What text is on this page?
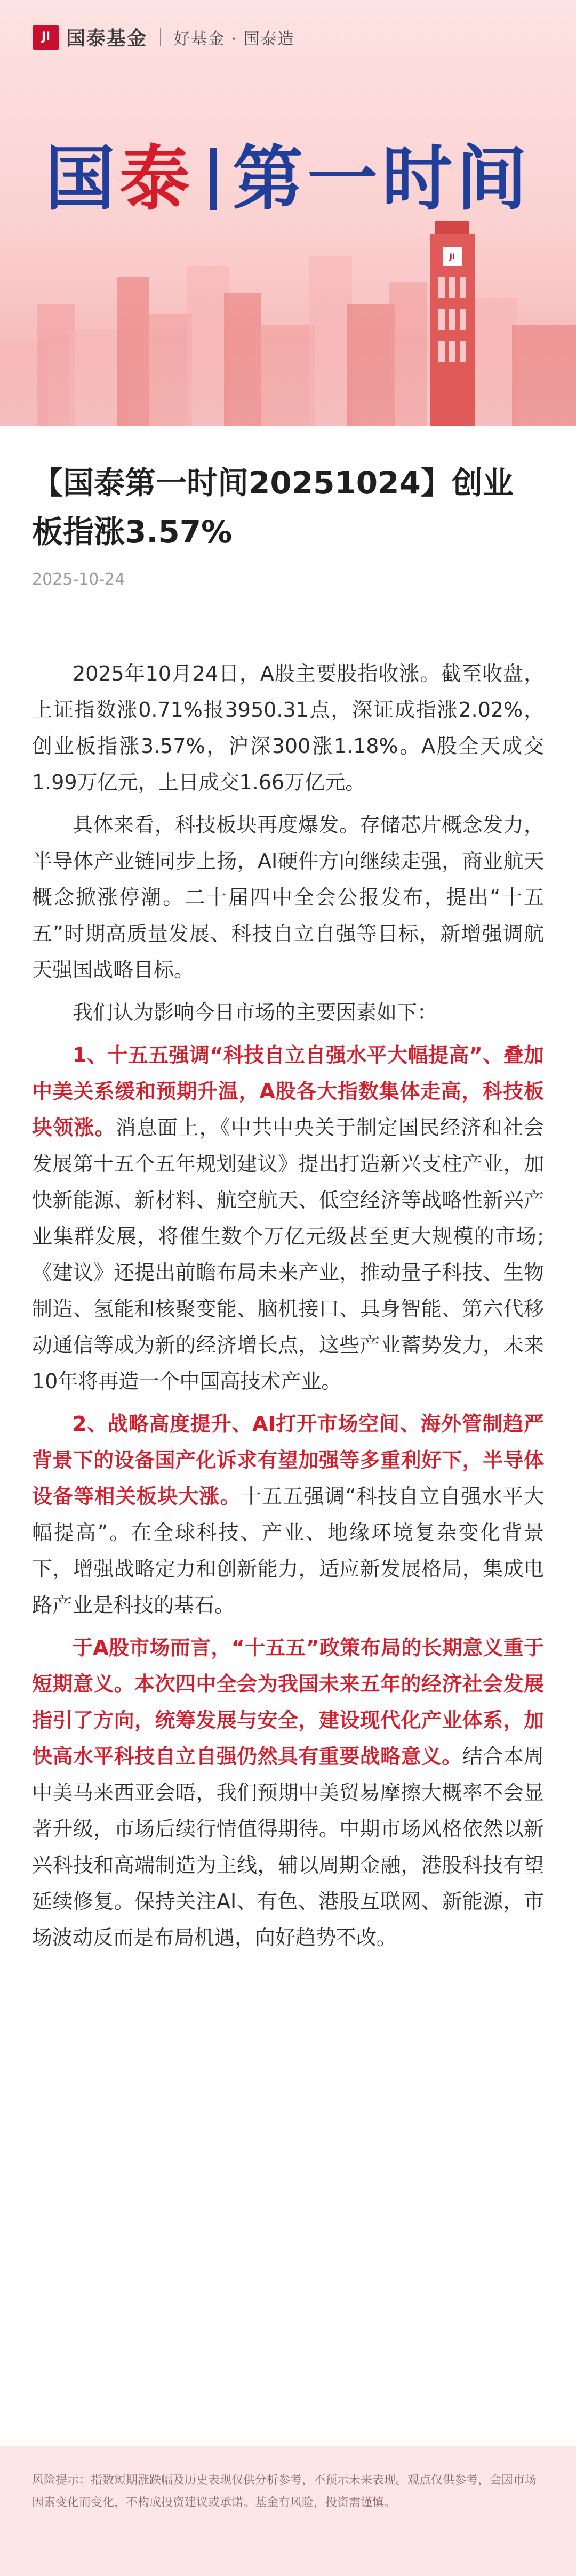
JI 国泰基金 好基金 · 国泰造
国泰 第一时间
JI
【国泰第一时间20251024】创业板指涨3.57%
2025-10-24

2025年10月24日，A股主要股指收涨。截至收盘，上证指数涨0.71%报3950.31点，深证成指涨2.02%，创业板指涨3.57%，沪深300涨1.18%。A股全天成交1.99万亿元，上日成交1.66万亿元。

具体来看，科技板块再度爆发。存储芯片概念发力，半导体产业链同步上扬，AI硬件方向继续走强，商业航天概念掀涨停潮。二十届四中全会公报发布，提出“十五五”时期高质量发展、科技自立自强等目标，新增强调航天强国战略目标。

我们认为影响今日市场的主要因素如下：

1、十五五强调“科技自立自强水平大幅提高”、叠加中美关系缓和预期升温，A股各大指数集体走高，科技板块领涨。消息面上，《中共中央关于制定国民经济和社会发展第十五个五年规划建议》提出打造新兴支柱产业，加快新能源、新材料、航空航天、低空经济等战略性新兴产业集群发展，将催生数个万亿元级甚至更大规模的市场;《建议》还提出前瞻布局未来产业，推动量子科技、生物制造、氢能和核聚变能、脑机接口、具身智能、第六代移动通信等成为新的经济增长点，这些产业蓄势发力，未来10年将再造一个中国高技术产业。

2、战略高度提升、AI打开市场空间、海外管制趋严背景下的设备国产化诉求有望加强等多重利好下，半导体设备等相关板块大涨。十五五强调“科技自立自强水平大幅提高”。在全球科技、产业、地缘环境复杂变化背景下，增强战略定力和创新能力，适应新发展格局，集成电路产业是科技的基石。

于A股市场而言，“十五五”政策布局的长期意义重于短期意义。本次四中全会为我国未来五年的经济社会发展指引了方向，统筹发展与安全，建设现代化产业体系，加快高水平科技自立自强仍然具有重要战略意义。结合本周中美马来西亚会晤，我们预期中美贸易摩擦大概率不会显著升级，市场后续行情值得期待。中期市场风格依然以新兴科技和高端制造为主线，辅以周期金融，港股科技有望延续修复。保持关注AI、有色、港股互联网、新能源，市场波动反而是布局机遇，向好趋势不改。

风险提示：指数短期涨跌幅及历史表现仅供分析参考，不预示未来表现。观点仅供参考，会因市场因素变化而变化，不构成投资建议或承诺。基金有风险，投资需谨慎。
